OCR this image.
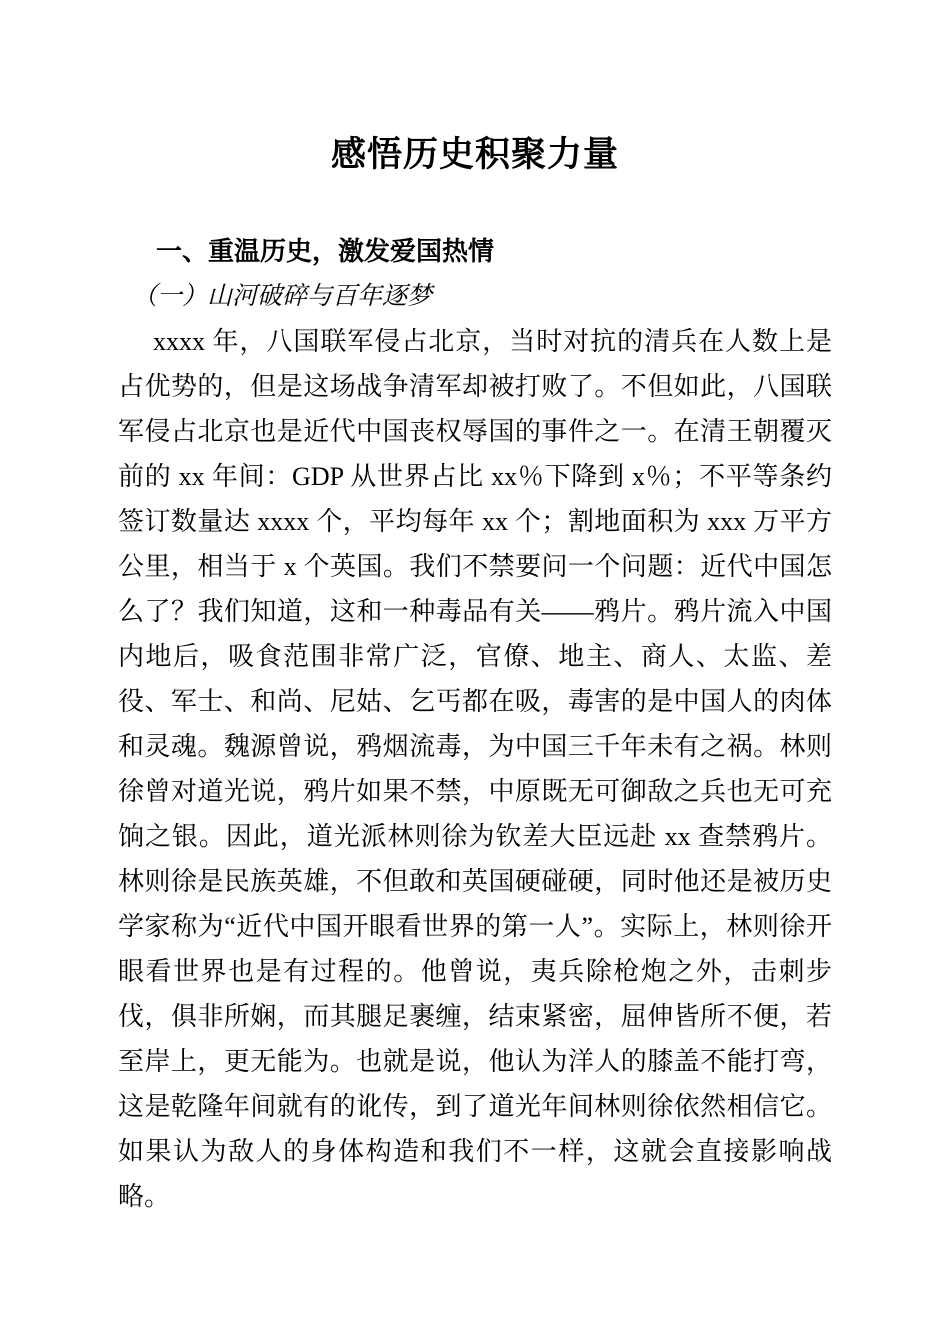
感悟历史积聚力量
一、重温历史，激发爱国热情
（一）山河破碎与百年逐梦

xxxx 年，八国联军侵占北京，当时对抗的清兵在人数上是占优势的，但是这场战争清军却被打败了。不但如此，八国联军侵占北京也是近代中国丧权辱国的事件之一。在清王朝覆灭前的 xx 年间：GDP 从世界占比 xx％下降到 x％；不平等条约签订数量达 xxxx 个，平均每年 xx 个；割地面积为 xxx 万平方公里，相当于 x 个英国。我们不禁要问一个问题：近代中国怎么了？我们知道，这和一种毒品有关——鸦片。鸦片流入中国内地后，吸食范围非常广泛，官僚、地主、商人、太监、差役、军士、和尚、尼姑、乞丐都在吸，毒害的是中国人的肉体和灵魂。魏源曾说，鸦烟流毒，为中国三千年未有之祸。林则徐曾对道光说，鸦片如果不禁，中原既无可御敌之兵也无可充饷之银。因此，道光派林则徐为钦差大臣远赴 xx 查禁鸦片。林则徐是民族英雄，不但敢和英国硬碰硬，同时他还是被历史学家称为“近代中国开眼看世界的第一人”。实际上，林则徐开眼看世界也是有过程的。他曾说，夷兵除枪炮之外，击刺步伐，俱非所娴，而其腿足裹缠，结束紧密，屈伸皆所不便，若至岸上，更无能为。也就是说，他认为洋人的膝盖不能打弯，这是乾隆年间就有的讹传，到了道光年间林则徐依然相信它。如果认为敌人的身体构造和我们不一样，这就会直接影响战略。
